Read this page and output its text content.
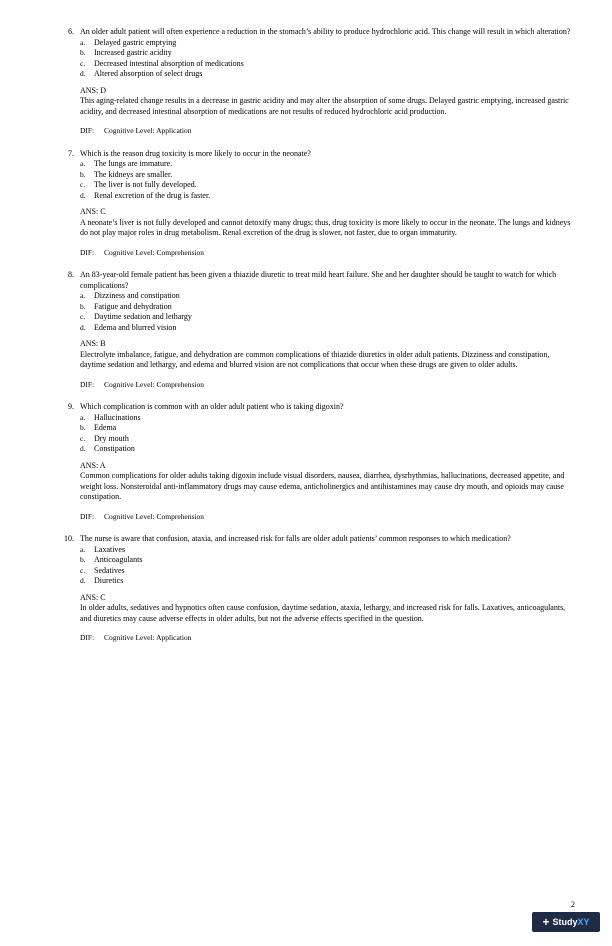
6. An older adult patient will often experience a reduction in the stomach’s ability to produce hydrochloric acid. This change will result in which alteration?
a.	Delayed gastric emptying
b.	Increased gastric acidity
c.	Decreased intestinal absorption of medications
d.	Altered absorption of select drugs
ANS: D
This aging-related change results in a decrease in gastric acidity and may alter the absorption of some drugs. Delayed gastric emptying, increased gastric acidity, and decreased intestinal absorption of medications are not results of reduced hydrochloric acid production.
DIF: Cognitive Level: Application
7. Which is the reason drug toxicity is more likely to occur in the neonate?
a.	The lungs are immature.
b.	The kidneys are smaller.
c.	The liver is not fully developed.
d.	Renal excretion of the drug is faster.
ANS: C
A neonate’s liver is not fully developed and cannot detoxify many drugs; thus, drug toxicity is more likely to occur in the neonate. The lungs and kidneys do not play major roles in drug metabolism. Renal excretion of the drug is slower, not faster, due to organ immaturity.
DIF: Cognitive Level: Comprehension
8. An 83-year-old female patient has been given a thiazide diuretic to treat mild heart failure. She and her daughter should be taught to watch for which complications?
a.	Dizziness and constipation
b.	Fatigue and dehydration
c.	Daytime sedation and lethargy
d.	Edema and blurred vision
ANS: B
Electrolyte imbalance, fatigue, and dehydration are common complications of thiazide diuretics in older adult patients. Dizziness and constipation, daytime sedation and lethargy, and edema and blurred vision are not complications that occur when these drugs are given to older adults.
DIF: Cognitive Level: Comprehension
9. Which complication is common with an older adult patient who is taking digoxin?
a.	Hallucinations
b.	Edema
c.	Dry mouth
d.	Constipation
ANS: A
Common complications for older adults taking digoxin include visual disorders, nausea, diarrhea, dysrhythmias, hallucinations, decreased appetite, and weight loss. Nonsteroidal anti-inflammatory drugs may cause edema, anticholinergics and antihistamines may cause dry mouth, and opioids may cause constipation.
DIF: Cognitive Level: Comprehension
10. The nurse is aware that confusion, ataxia, and increased risk for falls are older adult patients’ common responses to which medication?
a.	Laxatives
b.	Anticoagulants
c.	Sedatives
d.	Diuretics
ANS: C
In older adults, sedatives and hypnotics often cause confusion, daytime sedation, ataxia, lethargy, and increased risk for falls. Laxatives, anticoagulants, and diuretics may cause adverse effects in older adults, but not the adverse effects specified in the question.
DIF: Cognitive Level: Application
2
+ StudyXY
